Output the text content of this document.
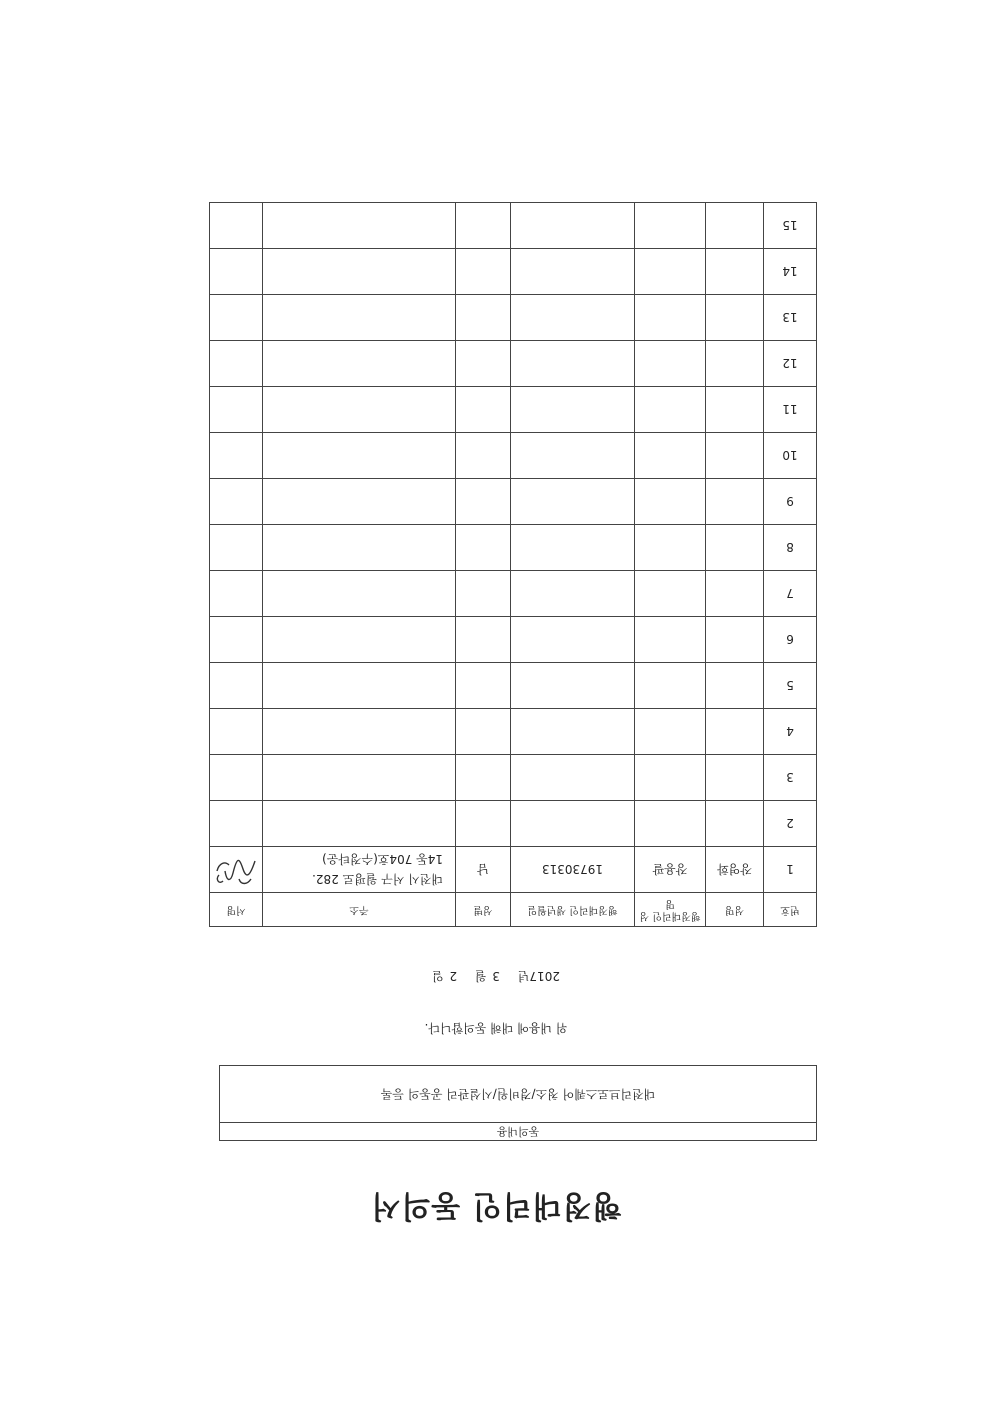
행정대리인 동의서
동의내용
대전리브로스퀘어 청소/경비원/시설관리 공동의 등록
위 내용에 대해 동의합니다.
2017년 3 월 2 일
번호	성명	행정대리인 성명	행정대리인 생년월일	성별	주소	서명
1	장영화	장용팔	19730313	남	대전시 서구 월평로 282.
14동 704호(수정타운)

2						
3						
4						
5						
6						
7						
8						
9						
10						
11						
12						
13						
14						
15						
